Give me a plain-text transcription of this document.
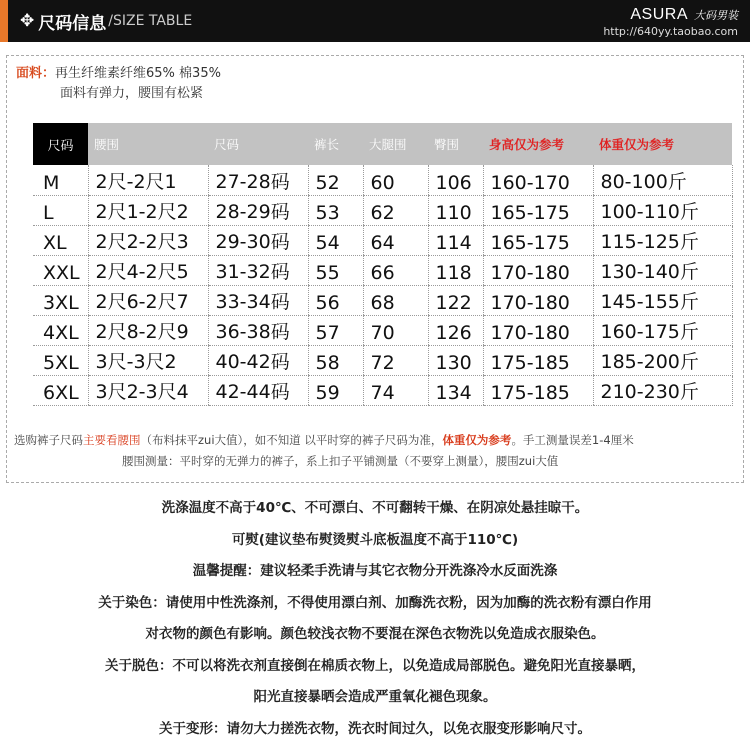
✥ 尺码信息 /SIZE TABLE	ASURA 大码男装
http://640yy.taobao.com
面料：再生纤维素纤维65% 棉35%
面料有弹力，腰围有松紧
尺码	腰围	尺码	裤长	大腿围	臀围	身高仅为参考	体重仅为参考
M	2尺-2尺1	27-28码	52	60	106	160-170	80-100斤
L	2尺1-2尺2	28-29码	53	62	110	165-175	100-110斤
XL	2尺2-2尺3	29-30码	54	64	114	165-175	115-125斤
XXL	2尺4-2尺5	31-32码	55	66	118	170-180	130-140斤
3XL	2尺6-2尺7	33-34码	56	68	122	170-180	145-155斤
4XL	2尺8-2尺9	36-38码	57	70	126	170-180	160-175斤
5XL	3尺-3尺2	40-42码	58	72	130	175-185	185-200斤
6XL	3尺2-3尺4	42-44码	59	74	134	175-185	210-230斤
选购裤子尺码主要看腰围（布料抹平zui大值），如不知道 以平时穿的裤子尺码为准，体重仅为参考。手工测量误差1-4厘米
腰围测量：平时穿的无弹力的裤子，系上扣子平铺测量（不要穿上测量），腰围zui大值

洗涤温度不高于40℃、不可漂白、不可翻转干燥、在阴凉处悬挂晾干。

可熨(建议垫布熨烫熨斗底板温度不高于110℃)

温馨提醒：建议轻柔手洗请与其它衣物分开洗涤冷水反面洗涤

关于染色：请使用中性洗涤剂，不得使用漂白剂、加酶洗衣粉，因为加酶的洗衣粉有漂白作用

对衣物的颜色有影响。颜色较浅衣物不要混在深色衣物洗以免造成衣服染色。

关于脱色：不可以将洗衣剂直接倒在棉质衣物上，以免造成局部脱色。避免阳光直接暴晒，

阳光直接暴晒会造成严重氧化褪色现象。

关于变形：请勿大力搓洗衣物，洗衣时间过久，以免衣服变形影响尺寸。
